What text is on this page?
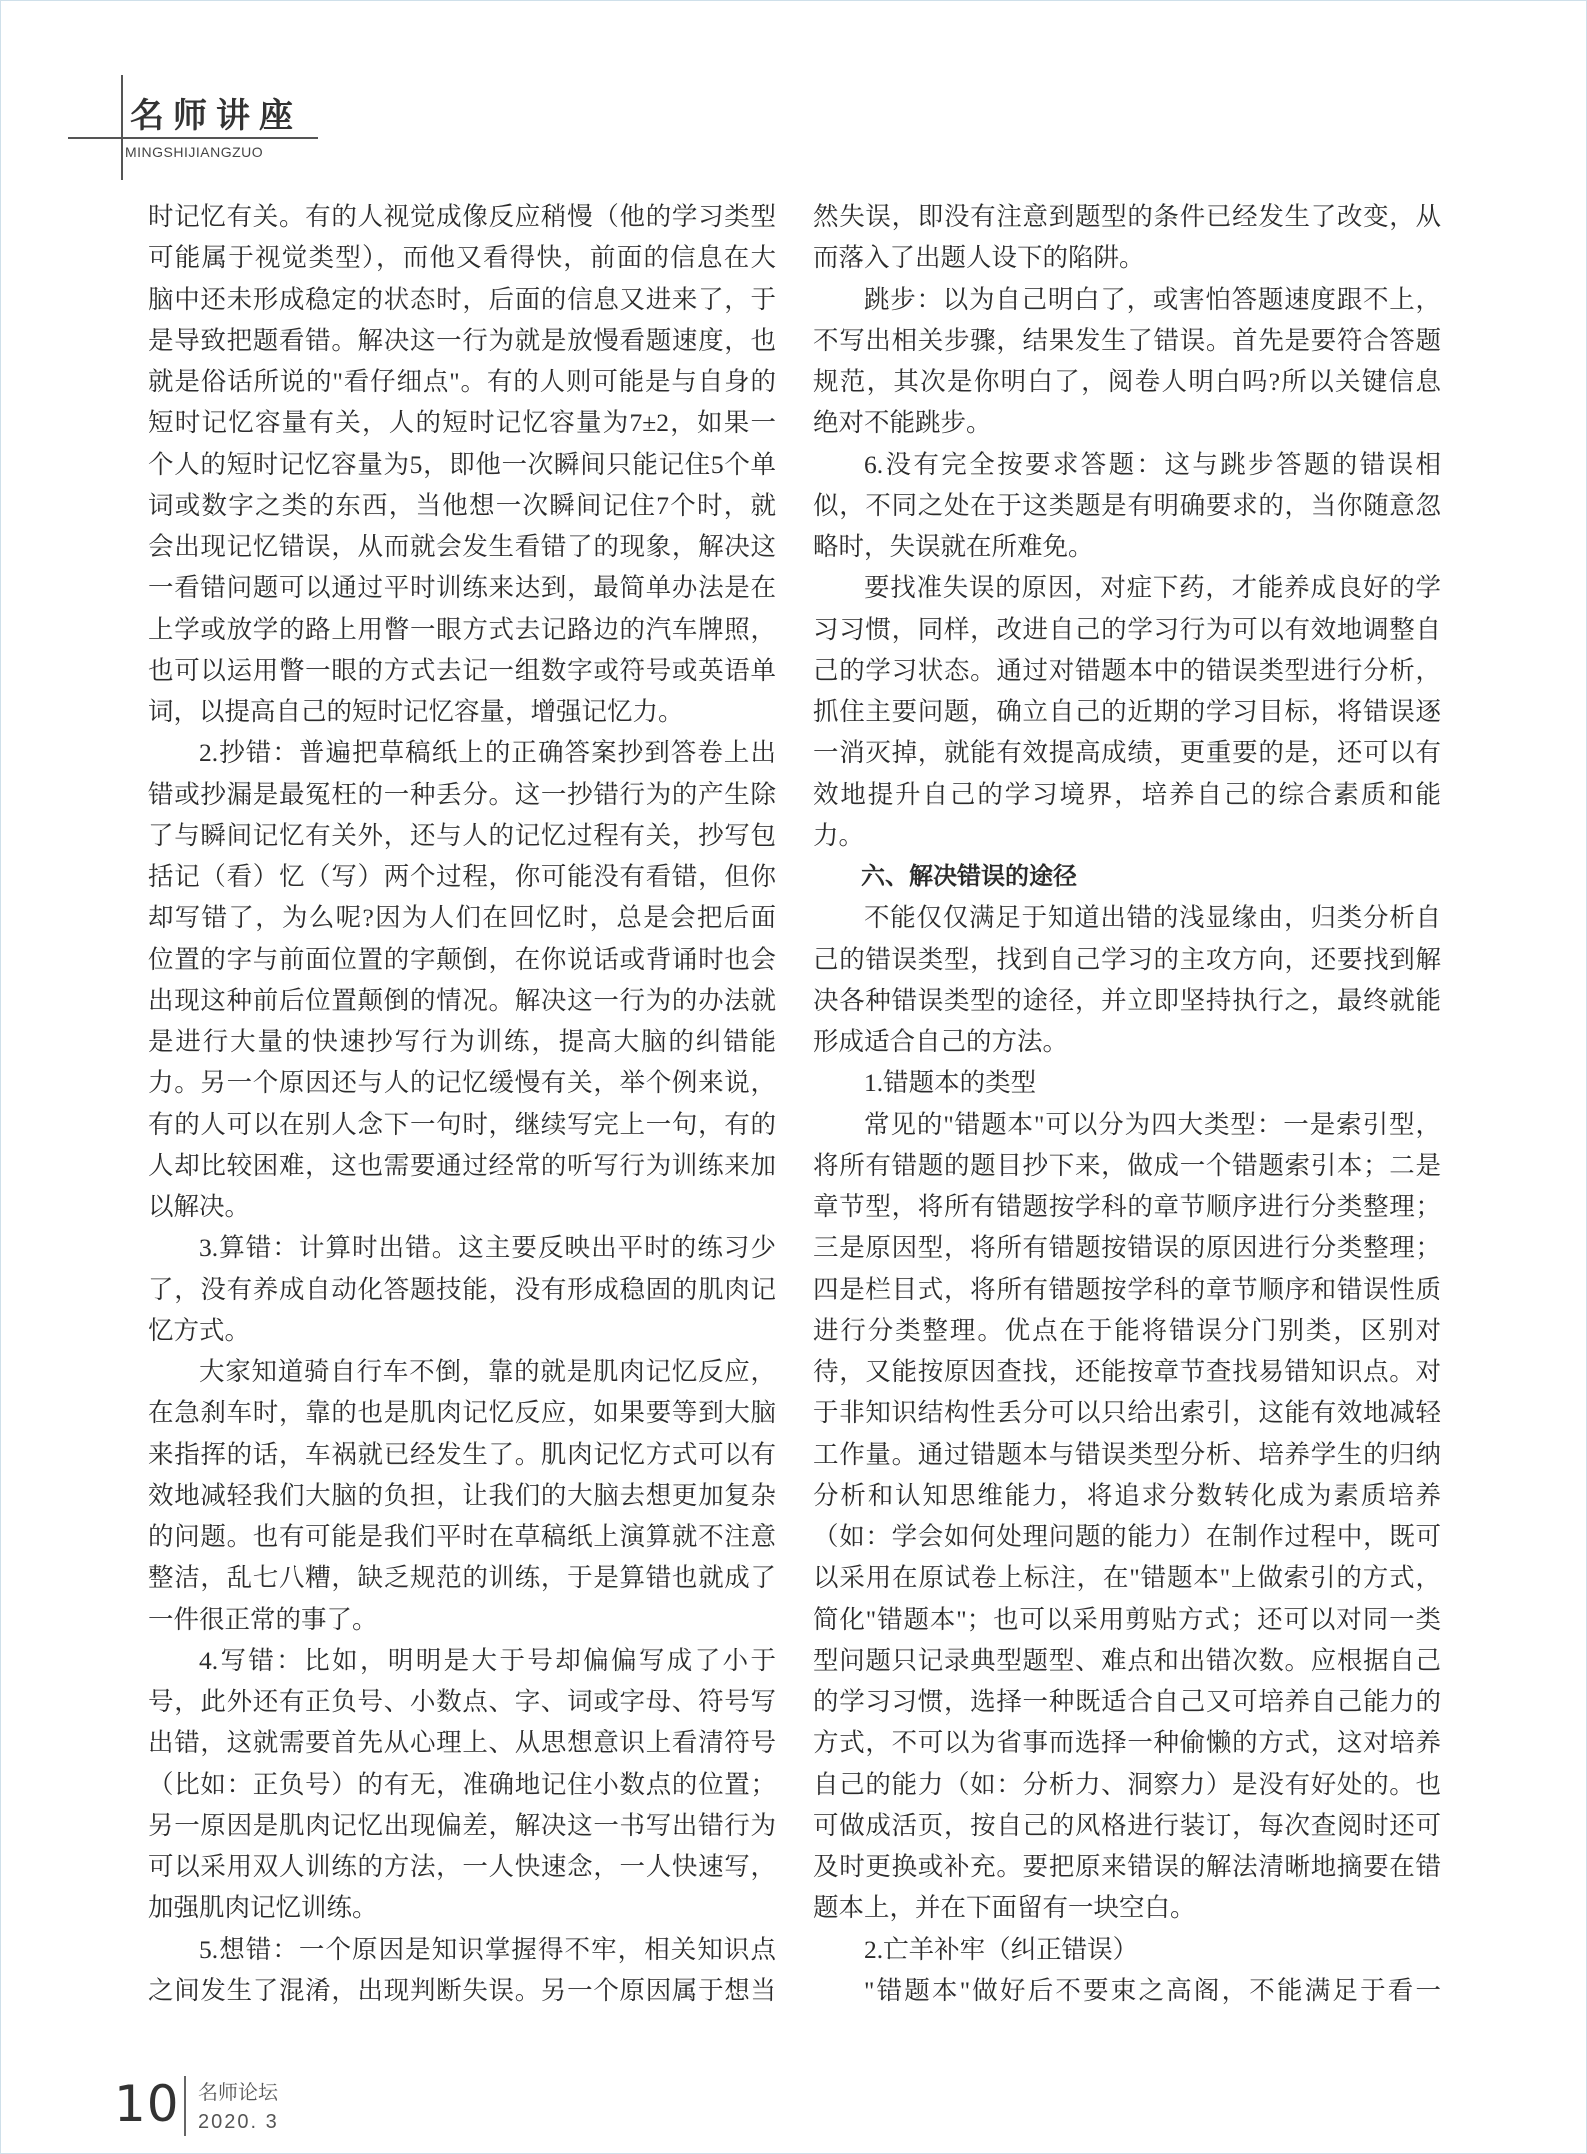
名师讲座
MINGSHIJIANGZUO
时记忆有关。有的人视觉成像反应稍慢（他的学习类型
可能属于视觉类型），而他又看得快，前面的信息在大
脑中还未形成稳定的状态时，后面的信息又进来了，于
是导致把题看错。解决这一行为就是放慢看题速度，也
就是俗话所说的"看仔细点"。有的人则可能是与自身的
短时记忆容量有关，人的短时记忆容量为7±2，如果一
个人的短时记忆容量为5，即他一次瞬间只能记住5个单
词或数字之类的东西，当他想一次瞬间记住7个时，就
会出现记忆错误，从而就会发生看错了的现象，解决这
一看错问题可以通过平时训练来达到，最简单办法是在
上学或放学的路上用瞥一眼方式去记路边的汽车牌照，
也可以运用瞥一眼的方式去记一组数字或符号或英语单
词，以提高自己的短时记忆容量，增强记忆力。
2.抄错：普遍把草稿纸上的正确答案抄到答卷上出
错或抄漏是最冤枉的一种丢分。这一抄错行为的产生除
了与瞬间记忆有关外，还与人的记忆过程有关，抄写包
括记（看）忆（写）两个过程，你可能没有看错，但你
却写错了，为么呢?因为人们在回忆时，总是会把后面
位置的字与前面位置的字颠倒，在你说话或背诵时也会
出现这种前后位置颠倒的情况。解决这一行为的办法就
是进行大量的快速抄写行为训练，提高大脑的纠错能
力。另一个原因还与人的记忆缓慢有关，举个例来说，
有的人可以在别人念下一句时，继续写完上一句，有的
人却比较困难，这也需要通过经常的听写行为训练来加
以解决。
3.算错：计算时出错。这主要反映出平时的练习少
了，没有养成自动化答题技能，没有形成稳固的肌肉记
忆方式。
大家知道骑自行车不倒，靠的就是肌肉记忆反应，
在急刹车时，靠的也是肌肉记忆反应，如果要等到大脑
来指挥的话，车祸就已经发生了。肌肉记忆方式可以有
效地减轻我们大脑的负担，让我们的大脑去想更加复杂
的问题。也有可能是我们平时在草稿纸上演算就不注意
整洁，乱七八糟，缺乏规范的训练，于是算错也就成了
一件很正常的事了。
4.写错：比如，明明是大于号却偏偏写成了小于
号，此外还有正负号、小数点、字、词或字母、符号写
出错，这就需要首先从心理上、从思想意识上看清符号
（比如：正负号）的有无，准确地记住小数点的位置；
另一原因是肌肉记忆出现偏差，解决这一书写出错行为
可以采用双人训练的方法，一人快速念，一人快速写，
加强肌肉记忆训练。
5.想错：一个原因是知识掌握得不牢，相关知识点
之间发生了混淆，出现判断失误。另一个原因属于想当
然失误，即没有注意到题型的条件已经发生了改变，从
而落入了出题人设下的陷阱。
跳步：以为自己明白了，或害怕答题速度跟不上，
不写出相关步骤，结果发生了错误。首先是要符合答题
规范，其次是你明白了，阅卷人明白吗?所以关键信息
绝对不能跳步。
6.没有完全按要求答题：这与跳步答题的错误相
似，不同之处在于这类题是有明确要求的，当你随意忽
略时，失误就在所难免。
要找准失误的原因，对症下药，才能养成良好的学
习习惯，同样，改进自己的学习行为可以有效地调整自
己的学习状态。通过对错题本中的错误类型进行分析，
抓住主要问题，确立自己的近期的学习目标，将错误逐
一消灭掉，就能有效提高成绩，更重要的是，还可以有
效地提升自己的学习境界，培养自己的综合素质和能
力。
六、解决错误的途径
不能仅仅满足于知道出错的浅显缘由，归类分析自
己的错误类型，找到自己学习的主攻方向，还要找到解
决各种错误类型的途径，并立即坚持执行之，最终就能
形成适合自己的方法。
1.错题本的类型
常见的"错题本"可以分为四大类型：一是索引型，
将所有错题的题目抄下来，做成一个错题索引本；二是
章节型，将所有错题按学科的章节顺序进行分类整理；
三是原因型，将所有错题按错误的原因进行分类整理；
四是栏目式，将所有错题按学科的章节顺序和错误性质
进行分类整理。优点在于能将错误分门别类，区别对
待，又能按原因查找，还能按章节查找易错知识点。对
于非知识结构性丢分可以只给出索引，这能有效地减轻
工作量。通过错题本与错误类型分析、培养学生的归纳
分析和认知思维能力，将追求分数转化成为素质培养
（如：学会如何处理问题的能力）在制作过程中，既可
以采用在原试卷上标注，在"错题本"上做索引的方式，
简化"错题本"；也可以采用剪贴方式；还可以对同一类
型问题只记录典型题型、难点和出错次数。应根据自己
的学习习惯，选择一种既适合自己又可培养自己能力的
方式，不可以为省事而选择一种偷懒的方式，这对培养
自己的能力（如：分析力、洞察力）是没有好处的。也
可做成活页，按自己的风格进行装订，每次查阅时还可
及时更换或补充。要把原来错误的解法清晰地摘要在错
题本上，并在下面留有一块空白。
2.亡羊补牢（纠正错误）
"错题本"做好后不要束之高阁，不能满足于看一
10 名师论坛
2020. 3
